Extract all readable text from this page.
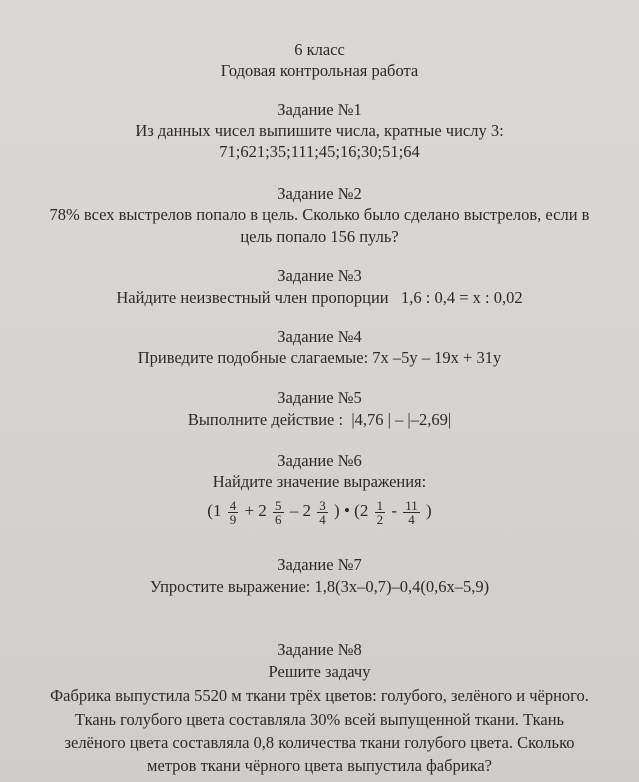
6 класс
Годовая контрольная работа
Задание №1
Из данных чисел выпишите числа, кратные числу 3:
71;621;35;111;45;16;30;51;64
Задание №2
78% всех выстрелов попало в цель. Сколько было сделано выстрелов, если в
цель попало 156 пуль?
Задание №3
Найдите неизвестный член пропорции   1,6 : 0,4 = x : 0,02
Задание №4
Приведите подобные слагаемые: 7x –5y – 19x + 31y
Задание №5
Выполните действие :  |4,76 | – |–2,69|
Задание №6
Найдите значение выражения:
($1 \frac{4}{9} + 2 \frac{5}{6} - 2 \frac{3}{4}$ ) • ($2 \frac{1}{2} - \frac{11}{4}$ )
Задание №7
Упростите выражение: 1,8(3x–0,7)–0,4(0,6x–5,9)
Задание №8
Решите задачу
Фабрика выпустила 5520 м ткани трёх цветов: голубого, зелёного и чёрного.
Ткань голубого цвета составляла 30% всей выпущенной ткани. Ткань
зелёного цвета составляла 0,8 количества ткани голубого цвета. Сколько
метров ткани чёрного цвета выпустила фабрика?
